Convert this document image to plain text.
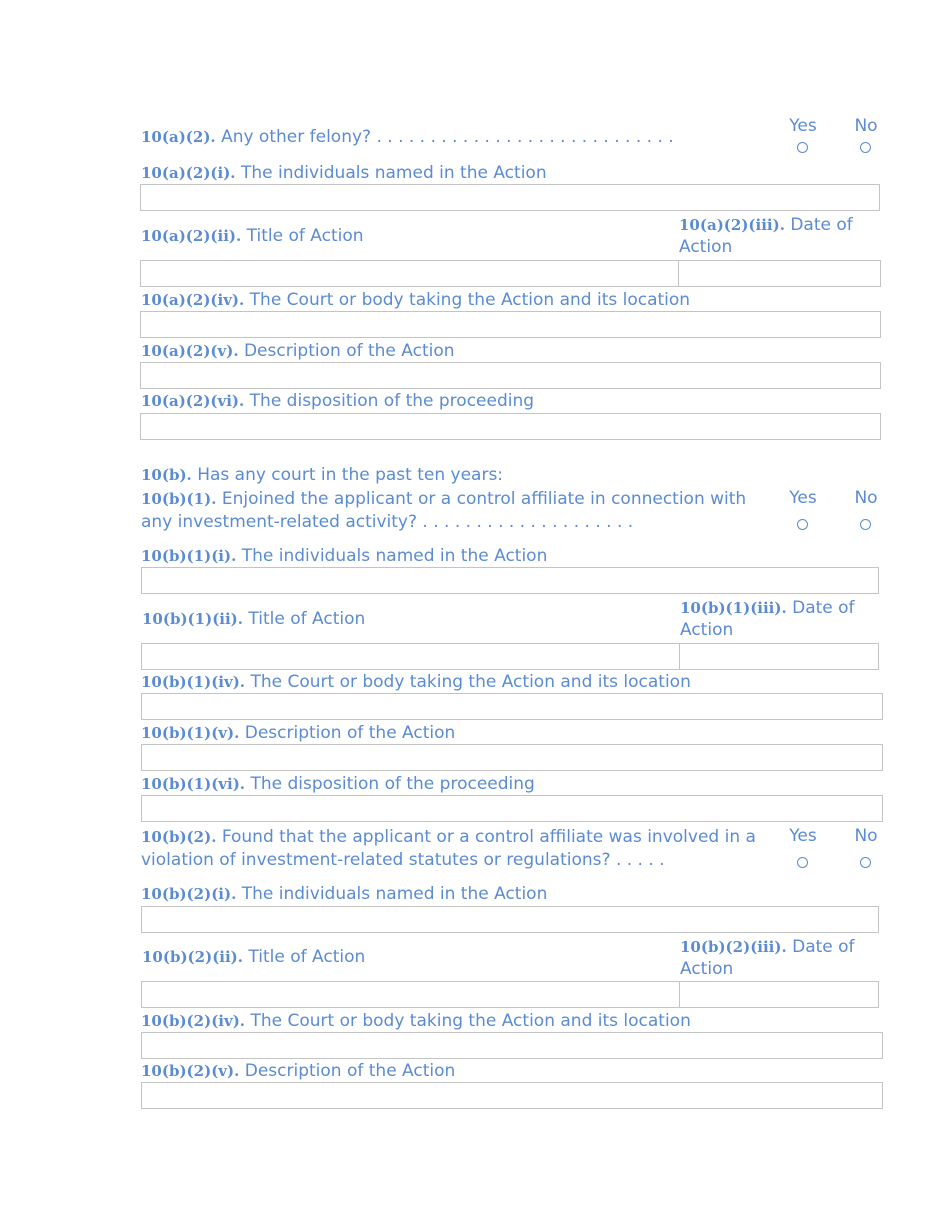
10(a)(2). Any other felony? . . . . . . . . . . . . . . . . . . . . . . . . . . . .
Yes	No
10(a)(2)(i). The individuals named in the Action
10(a)(2)(ii). Title of Action
10(a)(2)(iii). Date of Action
10(a)(2)(iv). The Court or body taking the Action and its location
10(a)(2)(v). Description of the Action
10(a)(2)(vi). The disposition of the proceeding
10(b). Has any court in the past ten years:
10(b)(1). Enjoined the applicant or a control affiliate in connection with any investment-related activity? . . . . . . . . . . . . . . . . . . . .
Yes	No
10(b)(1)(i). The individuals named in the Action
10(b)(1)(ii). Title of Action
10(b)(1)(iii). Date of Action
10(b)(1)(iv). The Court or body taking the Action and its location
10(b)(1)(v). Description of the Action
10(b)(1)(vi). The disposition of the proceeding
10(b)(2). Found that the applicant or a control affiliate was involved in a violation of investment-related statutes or regulations? . . . . .
Yes	No
10(b)(2)(i). The individuals named in the Action
10(b)(2)(ii). Title of Action	10(b)(2)(iii). Date of Action
10(b)(2)(iv). The Court or body taking the Action and its location
10(b)(2)(v). Description of the Action
